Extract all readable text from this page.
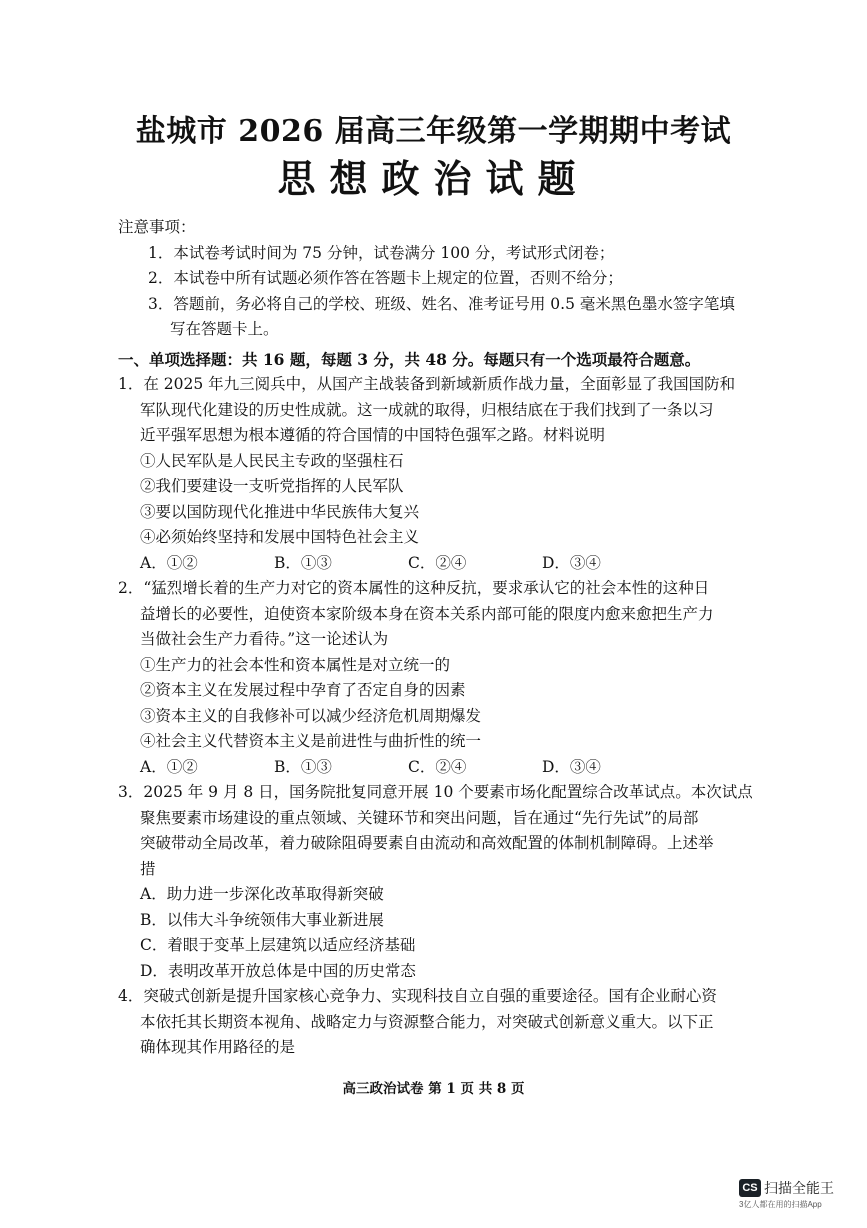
盐城市 2026 届高三年级第一学期期中考试
思想政治试题
注意事项：
1．本试卷考试时间为 75 分钟，试卷满分 100 分，考试形式闭卷；
2．本试卷中所有试题必须作答在答题卡上规定的位置，否则不给分；
3．答题前，务必将自己的学校、班级、姓名、准考证号用 0.5 毫米黑色墨水签字笔填
写在答题卡上。
一、单项选择题：共 16 题，每题 3 分，共 48 分。每题只有一个选项最符合题意。
1．在 2025 年九三阅兵中，从国产主战装备到新域新质作战力量，全面彰显了我国国防和
军队现代化建设的历史性成就。这一成就的取得，归根结底在于我们找到了一条以习
近平强军思想为根本遵循的符合国情的中国特色强军之路。材料说明
①人民军队是人民民主专政的坚强柱石
②我们要建设一支听党指挥的人民军队
③要以国防现代化推进中华民族伟大复兴
④必须始终坚持和发展中国特色社会主义
A．①②	B．①③	C．②④	D．③④
2．“猛烈增长着的生产力对它的资本属性的这种反抗，要求承认它的社会本性的这种日
益增长的必要性，迫使资本家阶级本身在资本关系内部可能的限度内愈来愈把生产力
当做社会生产力看待。”这一论述认为
①生产力的社会本性和资本属性是对立统一的
②资本主义在发展过程中孕育了否定自身的因素
③资本主义的自我修补可以减少经济危机周期爆发
④社会主义代替资本主义是前进性与曲折性的统一
A．①②	B．①③	C．②④	D．③④
3．2025 年 9 月 8 日，国务院批复同意开展 10 个要素市场化配置综合改革试点。本次试点
聚焦要素市场建设的重点领域、关键环节和突出问题，旨在通过“先行先试”的局部
突破带动全局改革，着力破除阻碍要素自由流动和高效配置的体制机制障碍。上述举
措
A．助力进一步深化改革取得新突破
B．以伟大斗争统领伟大事业新进展
C．着眼于变革上层建筑以适应经济基础
D．表明改革开放总体是中国的历史常态
4．突破式创新是提升国家核心竞争力、实现科技自立自强的重要途径。国有企业耐心资
本依托其长期资本视角、战略定力与资源整合能力，对突破式创新意义重大。以下正
确体现其作用路径的是
高三政治试卷 第 1 页 共 8 页
CS 扫描全能王
3亿人都在用的扫描App
